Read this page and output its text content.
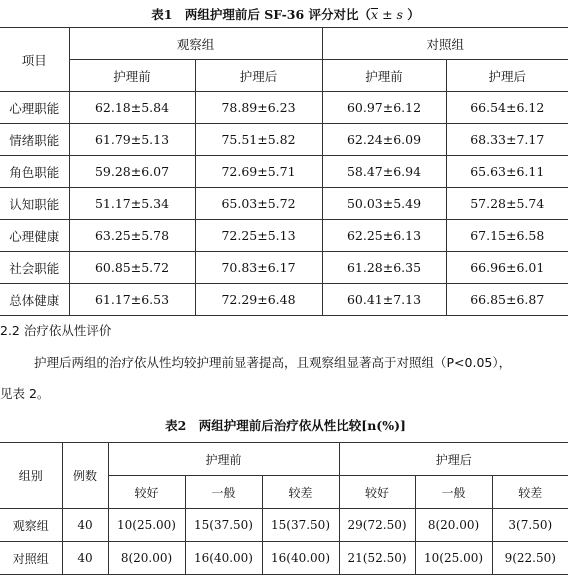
表1　两组护理前后 SF-36 评分对比（x ± s ）
项目	观察组		对照组	
	护理前	护理后	护理前	护理后
心理职能	62.18±5.84	78.89±6.23	60.97±6.12	66.54±6.12
情绪职能	61.79±5.13	75.51±5.82	62.24±6.09	68.33±7.17
角色职能	59.28±6.07	72.69±5.71	58.47±6.94	65.63±6.11
认知职能	51.17±5.34	65.03±5.72	50.03±5.49	57.28±5.74
心理健康	63.25±5.78	72.25±5.13	62.25±6.13	67.15±6.58
社会职能	60.85±5.72	70.83±6.17	61.28±6.35	66.96±6.01
总体健康	61.17±6.53	72.29±6.48	60.41±7.13	66.85±6.87
2.2 治疗依从性评价
护理后两组的治疗依从性均较护理前显著提高，且观察组显著高于对照组（P<0.05），
见表 2。
表2　两组护理前后治疗依从性比较[n(%)]
组别	例数	护理前			护理后		
		较好	一般	较差	较好	一般	较差
观察组	40	10(25.00)	15(37.50)	15(37.50)	29(72.50)	8(20.00)	3(7.50)
对照组	40	8(20.00)	16(40.00)	16(40.00)	21(52.50)	10(25.00)	9(22.50)
